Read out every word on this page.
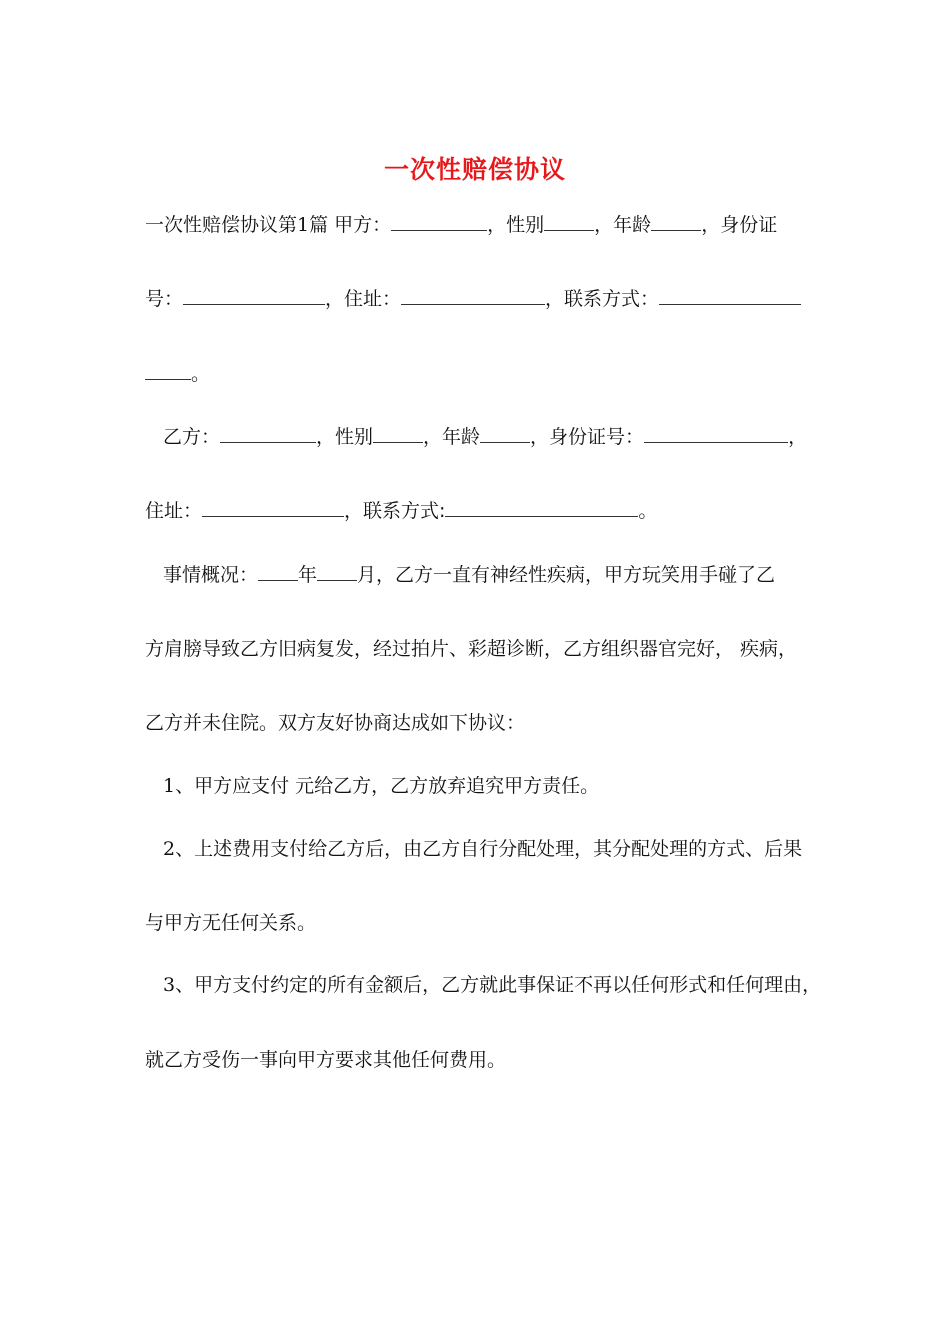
一次性赔偿协议
一次性赔偿协议第1篇 甲方：	，性别	，年龄	，身份证
号：	，住址：	，联系方式：
。
乙方：	，性别	，年龄	，身份证号：	，
住址：	，联系方式:	。
事情概况： 年 月，乙方一直有神经性疾病，甲方玩笑用手碰了乙
方肩膀导致乙方旧病复发，经过拍片、彩超诊断，乙方组织器官完好， 疾病，
乙方并未住院。双方友好协商达成如下协议：
1、甲方应支付 元给乙方，乙方放弃追究甲方责任。
2、上述费用支付给乙方后，由乙方自行分配处理，其分配处理的方式、后果
与甲方无任何关系。
3、甲方支付约定的所有金额后，乙方就此事保证不再以任何形式和任何理由，
就乙方受伤一事向甲方要求其他任何费用。
